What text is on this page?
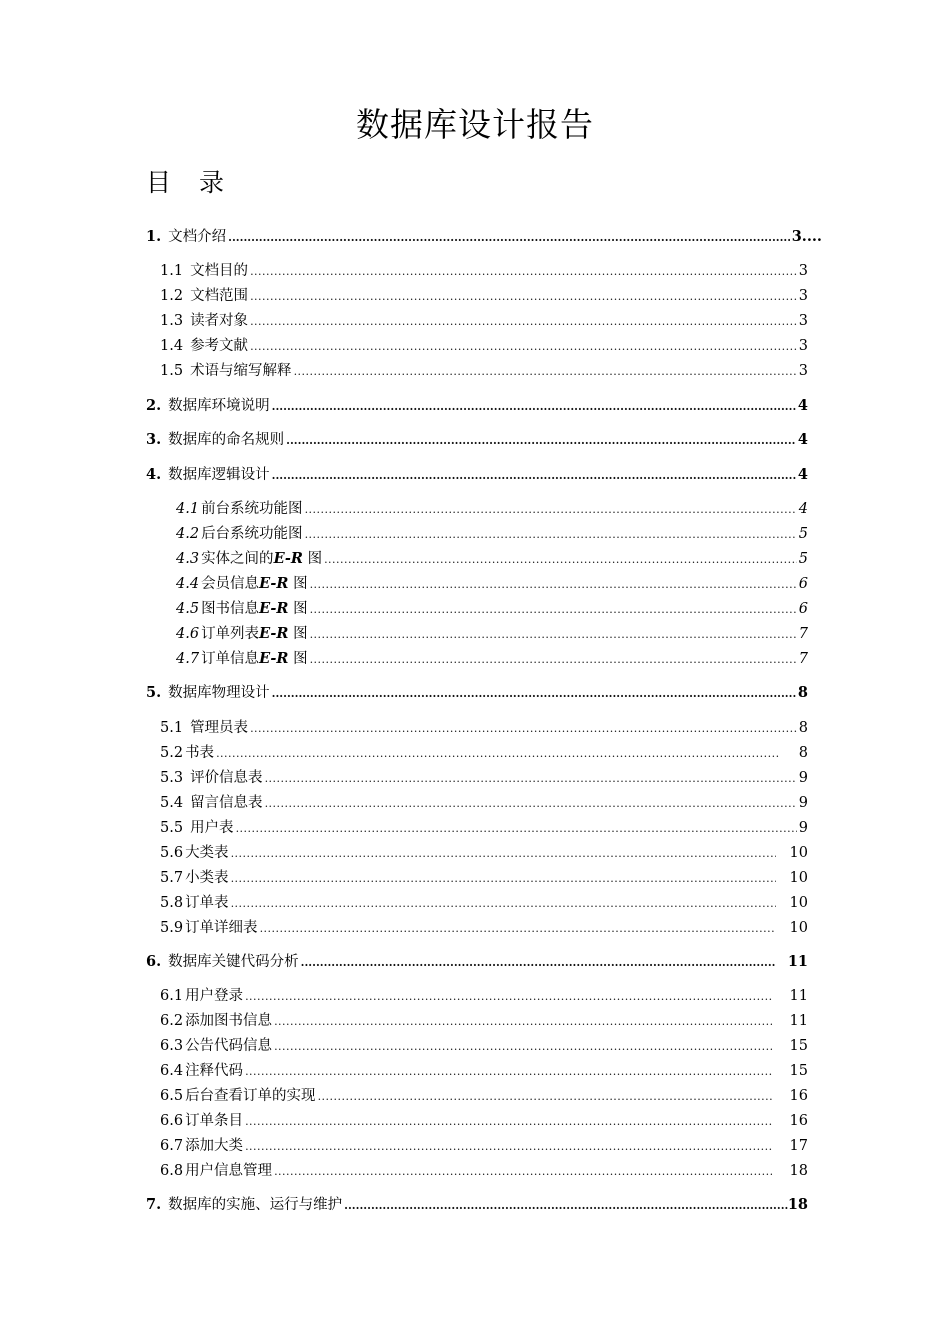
数据库设计报告
目 录
1. 文档介绍 .....	3....
1.1 文档目的 .....	3
1.2 文档范围 .....	3
1.3 读者对象 .....	3
1.4 参考文献 .....	3
1.5 术语与缩写解释 .....	3
2. 数据库环境说明 .....	4
3. 数据库的命名规则 .....	4
4. 数据库逻辑设计 .....	4
4.1 前台系统功能图 .....	4
4.2 后台系统功能图 .....	5
4.3 实体之间的E-R 图 .....	5
4.4 会员信息E-R 图 .....	6
4.5 图书信息E-R 图 .....	6
4.6 订单列表E-R 图 .....	7
4.7 订单信息E-R 图 .....	7
5. 数据库物理设计 .....	8
5.1 管理员表 .....	8
5.2 书表 .....	8
5.3 评价信息表 .....	9
5.4 留言信息表 .....	9
5.5 用户表 .....	9
5.6 大类表 .....	10
5.7 小类表 .....	10
5.8 订单表 .....	10
5.9 订单详细表 .....	10
6. 数据库关键代码分析 .....	11
6.1 用户登录 .....	11
6.2 添加图书信息 .....	11
6.3 公告代码信息 .....	15
6.4 注释代码 .....	15
6.5 后台查看订单的实现 .....	16
6.6 订单条目 .....	16
6.7 添加大类 .....	17
6.8 用户信息管理 .....	18
7. 数据库的实施、运行与维护 .....	18
